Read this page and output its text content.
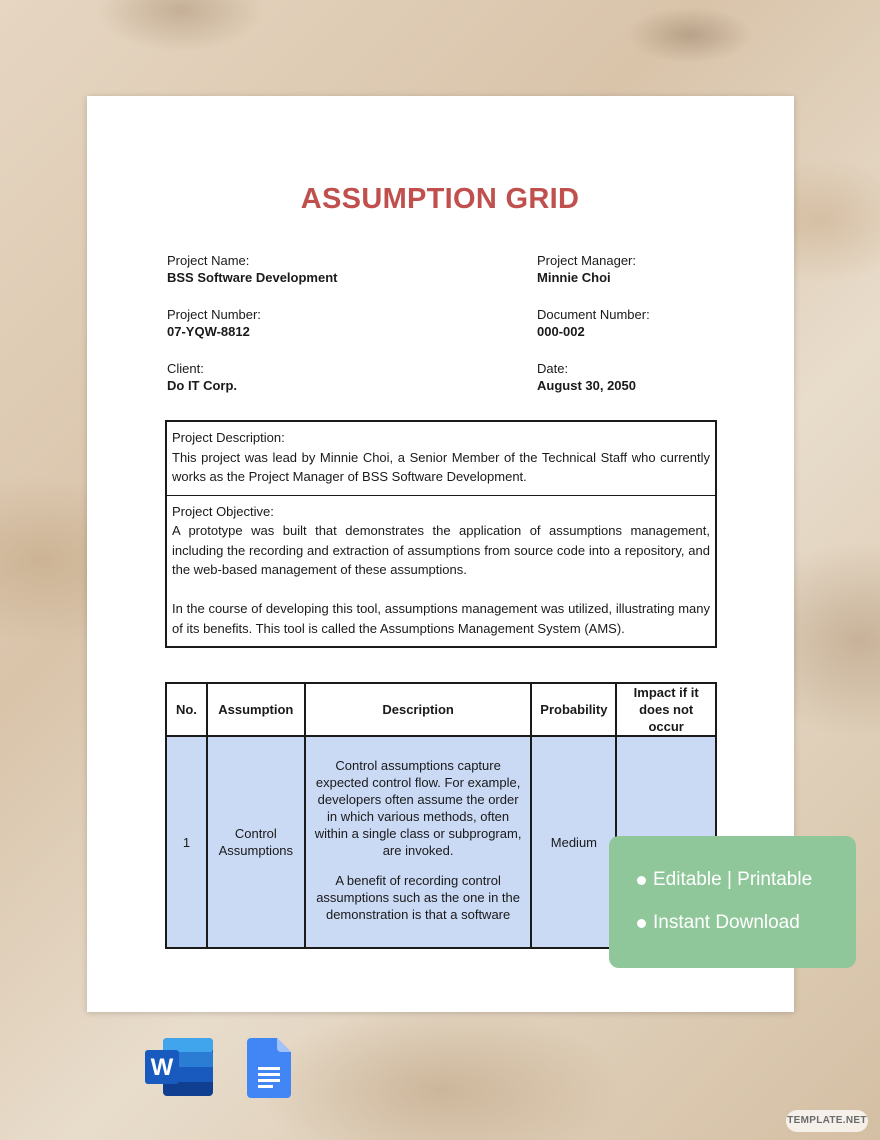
ASSUMPTION GRID
Project Name:
BSS Software Development
Project Manager:
Minnie Choi
Project Number:
07-YQW-8812
Document Number:
000-002
Client:
Do IT Corp.
Date:
August 30, 2050

Project Description:

This project was lead by Minnie Choi, a Senior Member of the Technical Staff who currently works as the Project Manager of BSS Software Development.

Project Objective:

A prototype was built that demonstrates the application of assumptions management, including the recording and extraction of assumptions from source code into a repository, and the web-based management of these assumptions.

In the course of developing this tool, assumptions management was utilized, illustrating many of its benefits. This tool is called the Assumptions Management System (AMS).

No.	Assumption	Description	Probability	Impact if it does not occur
1	Control Assumptions	Control assumptions capture expected control flow. For example, developers often assume the order in which various methods, often within a single class or subprogram, are invoked.

A benefit of recording control assumptions such as the one in the demonstration is that a software	Medium	
Editable | Printable
Instant Download
W
TEMPLATE.NET
